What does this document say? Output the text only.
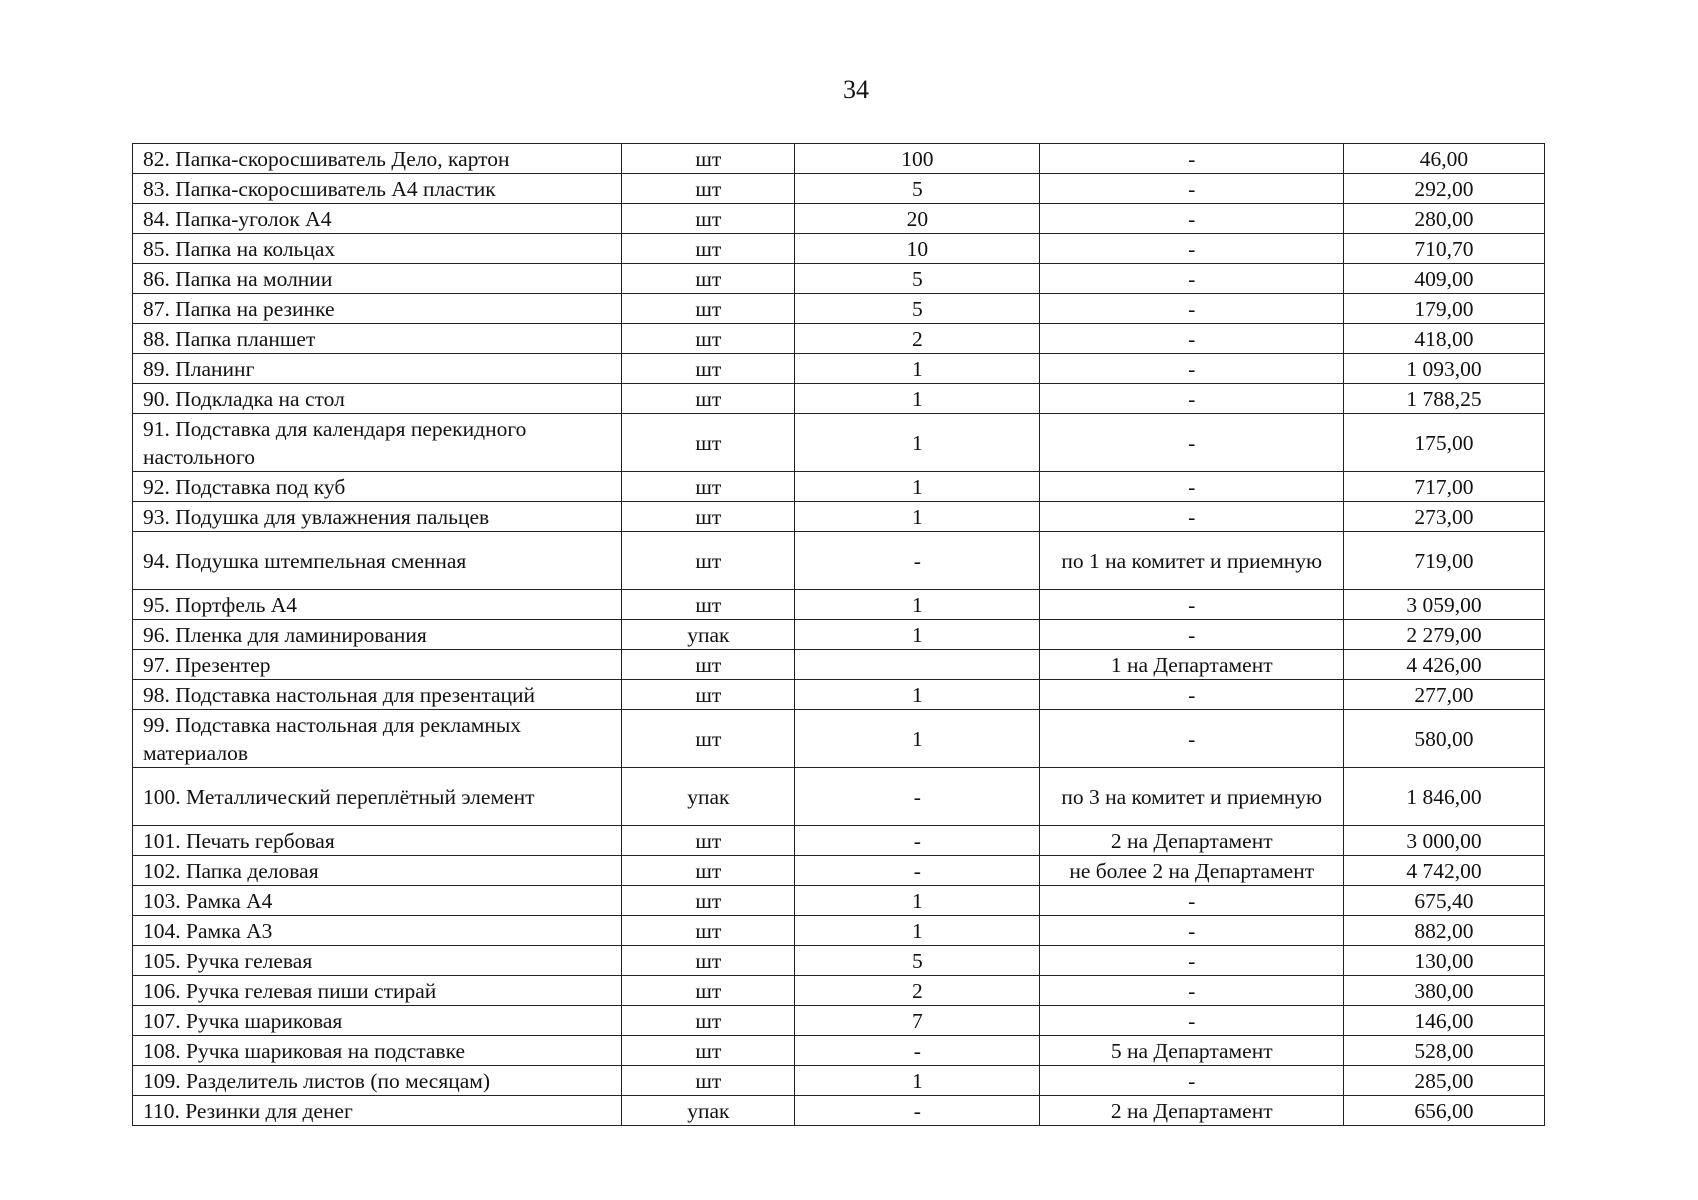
34
82. Папка-скоросшиватель Дело, картон	шт	100	-	46,00
83. Папка-скоросшиватель А4 пластик	шт	5	-	292,00
84. Папка-уголок А4	шт	20	-	280,00
85. Папка на кольцах	шт	10	-	710,70
86. Папка на молнии	шт	5	-	409,00
87. Папка на резинке	шт	5	-	179,00
88. Папка планшет	шт	2	-	418,00
89. Планинг	шт	1	-	1 093,00
90. Подкладка на стол	шт	1	-	1 788,25
91. Подставка для календаря перекидного настольного	шт	1	-	175,00
92. Подставка под куб	шт	1	-	717,00
93. Подушка для увлажнения пальцев	шт	1	-	273,00
94. Подушка штемпельная сменная	шт	-	по 1 на комитет и приемную	719,00
95. Портфель А4	шт	1	-	3 059,00
96. Пленка для ламинирования	упак	1	-	2 279,00
97. Презентер	шт		1 на Департамент	4 426,00
98. Подставка настольная для презентаций	шт	1	-	277,00
99. Подставка настольная для рекламных материалов	шт	1	-	580,00
100. Металлический переплётный элемент	упак	-	по 3 на комитет и приемную	1 846,00
101. Печать гербовая	шт	-	2 на Департамент	3 000,00
102. Папка деловая	шт	-	не более 2 на Департамент	4 742,00
103. Рамка А4	шт	1	-	675,40
104. Рамка А3	шт	1	-	882,00
105. Ручка гелевая	шт	5	-	130,00
106. Ручка гелевая пиши стирай	шт	2	-	380,00
107. Ручка шариковая	шт	7	-	146,00
108. Ручка шариковая на подставке	шт	-	5 на Департамент	528,00
109. Разделитель листов (по месяцам)	шт	1	-	285,00
110. Резинки для денег	упак	-	2 на Департамент	656,00
